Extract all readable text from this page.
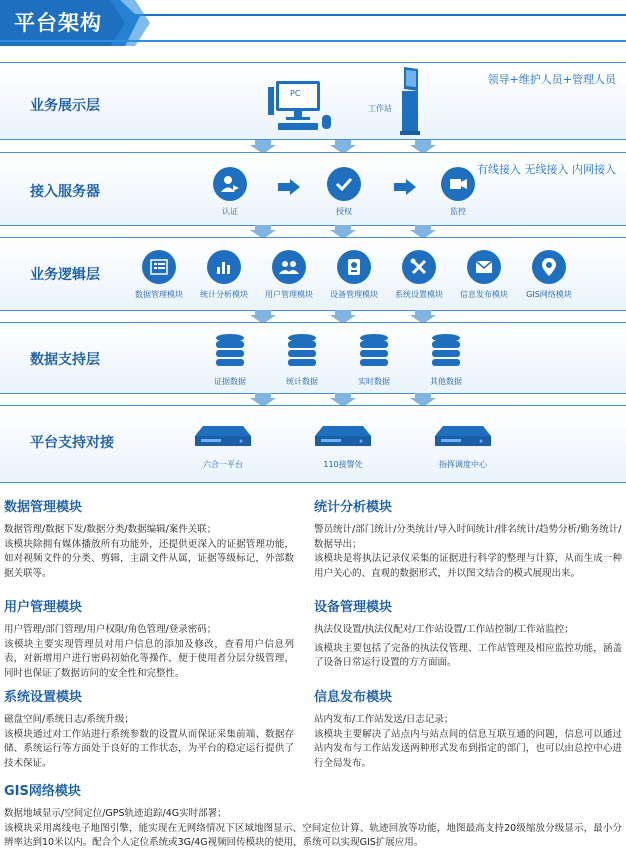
平台架构
业务展示层
领导+维护人员+管理人员
PC
工作站
接入服务器
有线接入 无线接入 内网接入
认证	授权	监控
业务逻辑层
数据管理模块	统计分析模块	用户管理模块	设备管理模块	系统设置模块	信息发布模块	GIS网络模块
数据支持层
证据数据	统计数据	实时数据	其他数据
平台支持对接
六合一平台	110接警处	指挥调度中心
数据管理模块
数据管理/数据下发/数据分类/数据编辑/案件关联；
该模块除拥有媒体播放所有功能外，还提供更深入的证据管理功能，如对视频文件的分类、剪辑，主副文件从属，证据等级标记，外部数据关联等。
统计分析模块
警员统计/部门统计/分类统计/导入时间统计/排名统计/趋势分析/勤务统计/数据导出；
该模块是将执法记录仪采集的证据进行科学的整理与计算，从而生成一种用户关心的、直观的数据形式，并以图文结合的模式展现出来。
用户管理模块
用户管理/部门管理/用户权限/角色管理/登录密码；
该模块主要实现管理员对用户信息的添加及修改，查看用户信息列表，对新增用户进行密码初始化等操作，便于使用者分层分级管理，同时也保证了数据访问的安全性和完整性。
设备管理模块
执法仪设置/执法仪配对/工作站设置/工作站控制/工作站监控；
该模块主要包括了完备的执法仪管理、工作站管理及相应监控功能，涵盖了设备日常运行设置的方方面面。
系统设置模块
磁盘空间/系统日志/系统升级；
该模块通过对工作站进行系统参数的设置从而保证采集前端、数据存储、系统运行等方面处于良好的工作状态，为平台的稳定运行提供了技术保证。
信息发布模块
站内发布/工作站发送/日志记录；
该模块主要解决了站点内与站点间的信息互联互通的问题，信息可以通过站内发布与工作站发送两种形式发布到指定的部门，也可以由总控中心进行全局发布。
GIS网络模块
数据地域显示/空间定位/GPS轨迹追踪/4G实时部署；
该模块采用离线电子地图引擎，能实现在无网络情况下区域地图显示、空间定位计算、轨迹回放等功能，地图最高支持20级缩放分级显示，最小分辨率达到10米以内。配合个人定位系统或3G/4G视频回传模块的使用，系统可以实现GIS扩展应用。
